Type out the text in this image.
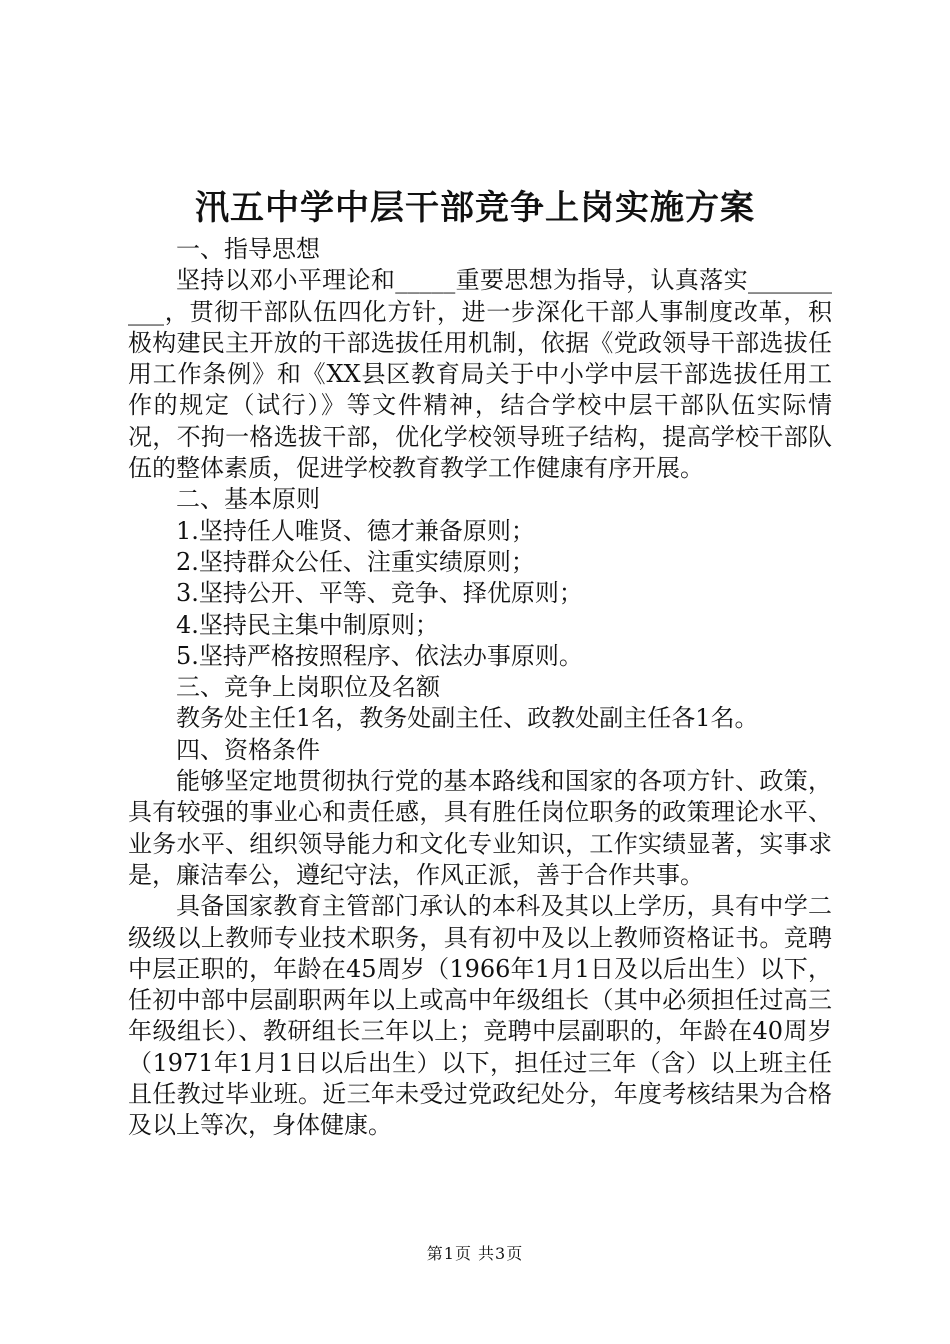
汛五中学中层干部竞争上岗实施方案

一、指导思想

坚持以邓小平理论和_____重要思想为指导，认真落实__________，贯彻干部队伍四化方针，进一步深化干部人事制度改革，积极构建民主开放的干部选拔任用机制，依据《党政领导干部选拔任用工作条例》和《XX县区教育局关于中小学中层干部选拔任用工作的规定（试行）》等文件精神，结合学校中层干部队伍实际情况，不拘一格选拔干部，优化学校领导班子结构，提高学校干部队伍的整体素质，促进学校教育教学工作健康有序开展。

二、基本原则

1.坚持任人唯贤、德才兼备原则；

2.坚持群众公任、注重实绩原则；

3.坚持公开、平等、竞争、择优原则；

4.坚持民主集中制原则；

5.坚持严格按照程序、依法办事原则。

三、竞争上岗职位及名额

教务处主任1名，教务处副主任、政教处副主任各1名。

四、资格条件

能够坚定地贯彻执行党的基本路线和国家的各项方针、政策，具有较强的事业心和责任感，具有胜任岗位职务的政策理论水平、业务水平、组织领导能力和文化专业知识，工作实绩显著，实事求是，廉洁奉公，遵纪守法，作风正派，善于合作共事。

具备国家教育主管部门承认的本科及其以上学历，具有中学二级级以上教师专业技术职务，具有初中及以上教师资格证书。竞聘中层正职的，年龄在45周岁（1966年1月1日及以后出生）以下，任初中部中层副职两年以上或高中年级组长（其中必须担任过高三年级组长）、教研组长三年以上；竞聘中层副职的，年龄在40周岁（1971年1月1日以后出生）以下，担任过三年（含）以上班主任且任教过毕业班。近三年未受过党政纪处分，年度考核结果为合格及以上等次，身体健康。

第1页 共3页
